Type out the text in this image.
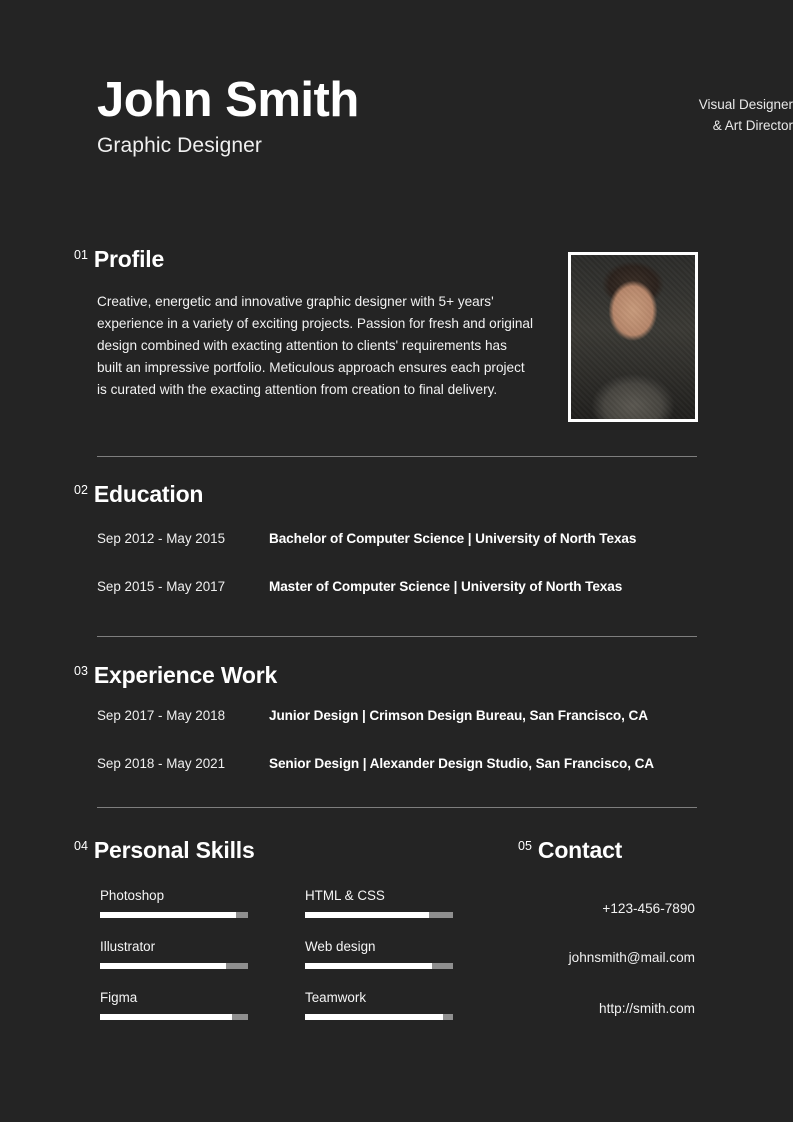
John Smith
Graphic Designer
Visual Designer
& Art Director
01 Profile
Creative, energetic and innovative graphic designer with 5+ years' experience in a variety of exciting projects. Passion for fresh and original design combined with exacting attention to clients' requirements has built an impressive portfolio. Meticulous approach ensures each project is curated with the exacting attention from creation to final delivery.
02 Education
Sep 2012 - May 2015	Bachelor of Computer Science | University of North Texas
Sep 2015 - May 2017	Master of Computer Science | University of North Texas
03 Experience Work
Sep 2017 - May 2018	Junior Design | Crimson Design Bureau, San Francisco, CA
Sep 2018 - May 2021	Senior Design | Alexander Design Studio, San Francisco, CA
04 Personal Skills
Photoshop
Illustrator
Figma
HTML & CSS
Web design
Teamwork
05 Contact
+123-456-7890
johnsmith@mail.com
http://smith.com
